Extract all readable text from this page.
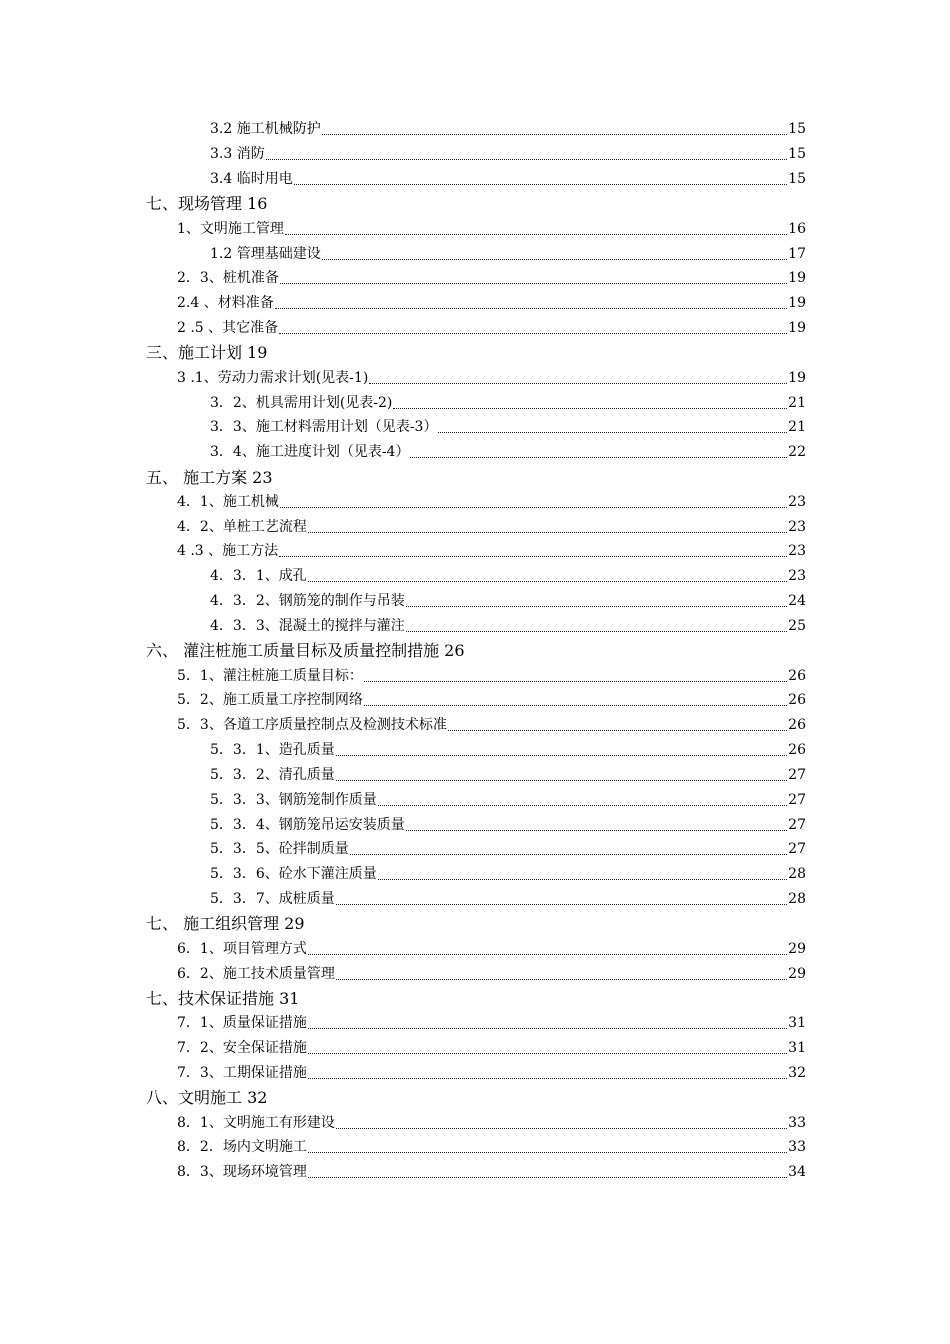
3.2 施工机械防护	15
3.3 消防	15
3.4 临时用电	15
七、现场管理 16
1、文明施工管理	16
1.2 管理基础建设	17
2．3、桩机准备	19
2.4 、材料准备	19
2 .5 、其它准备	19
三、施工计划 19
3 .1、劳动力需求计划(见表-1)	19
3．2、机具需用计划(见表-2)	21
3．3、施工材料需用计划（见表-3）	21
3．4、施工进度计划（见表-4）	22
五、 施工方案 23
4．1、施工机械	23
4．2、单桩工艺流程	23
4 .3 、施工方法	23
4．3．1、成孔	23
4．3．2、钢筋笼的制作与吊装	24
4．3．3、混凝土的搅拌与灌注	25
六、 灌注桩施工质量目标及质量控制措施 26
5．1、灌注桩施工质量目标：	26
5．2、施工质量工序控制网络	26
5．3、各道工序质量控制点及检测技术标准	26
5．3．1、造孔质量	26
5．3．2、清孔质量	27
5．3．3、钢筋笼制作质量	27
5．3．4、钢筋笼吊运安装质量	27
5．3．5、砼拌制质量	27
5．3．6、砼水下灌注质量	28
5．3．7、成桩质量	28
七、 施工组织管理 29
6．1、项目管理方式	29
6．2、施工技术质量管理	29
七、技术保证措施 31
7．1、质量保证措施	31
7．2、安全保证措施	31
7．3、工期保证措施	32
八、文明施工 32
8．1、文明施工有形建设	33
8．2．场内文明施工	33
8．3、现场环境管理	34
